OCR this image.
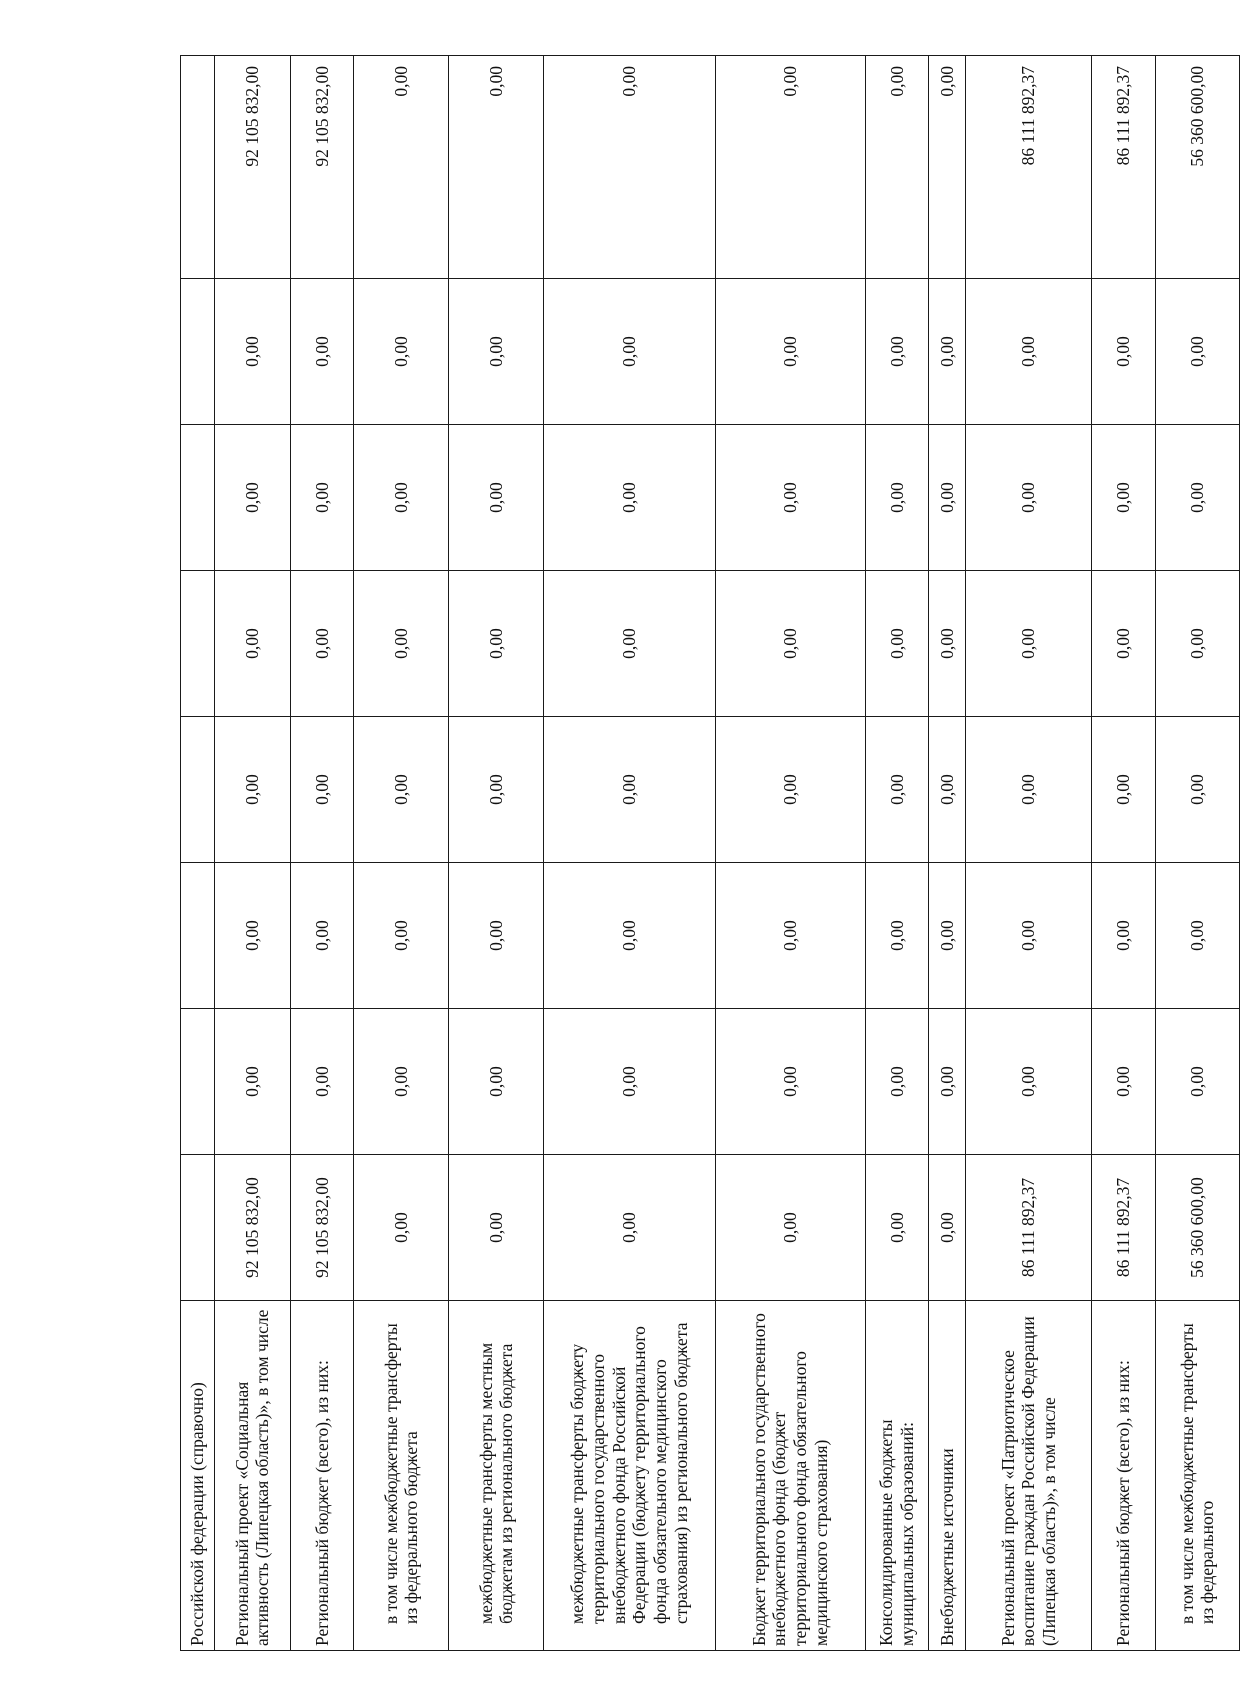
Российской федерации (справочно)								
Региональный проект «Социальная активность (Липецкая область)», в том числе	92 105 832,00	0,00	0,00	0,00	0,00	0,00	0,00	92 105 832,00
Региональный бюджет (всего), из них:	92 105 832,00	0,00	0,00	0,00	0,00	0,00	0,00	92 105 832,00
в том числе межбюджетные трансферты из федерального бюджета	0,00	0,00	0,00	0,00	0,00	0,00	0,00	0,00
межбюджетные трансферты местным бюджетам из регионального бюджета	0,00	0,00	0,00	0,00	0,00	0,00	0,00	0,00
межбюджетные трансферты бюджету территориального государственного внебюджетного фонда Российской Федерации (бюджету территориального фонда обязательного медицинского страхования) из регионального бюджета	0,00	0,00	0,00	0,00	0,00	0,00	0,00	0,00
Бюджет территориального государственного внебюджетного фонда (бюджет территориального фонда обязательного медицинского страхования)	0,00	0,00	0,00	0,00	0,00	0,00	0,00	0,00
Консолидированные бюджеты муниципальных образований:	0,00	0,00	0,00	0,00	0,00	0,00	0,00	0,00
Внебюджетные источники	0,00	0,00	0,00	0,00	0,00	0,00	0,00	0,00
Региональный проект «Патриотическое воспитание граждан Российской Федерации (Липецкая область)», в том числе	86 111 892,37	0,00	0,00	0,00	0,00	0,00	0,00	86 111 892,37
Региональный бюджет (всего), из них:	86 111 892,37	0,00	0,00	0,00	0,00	0,00	0,00	86 111 892,37
в том числе межбюджетные трансферты из федерального	56 360 600,00	0,00	0,00	0,00	0,00	0,00	0,00	56 360 600,00
